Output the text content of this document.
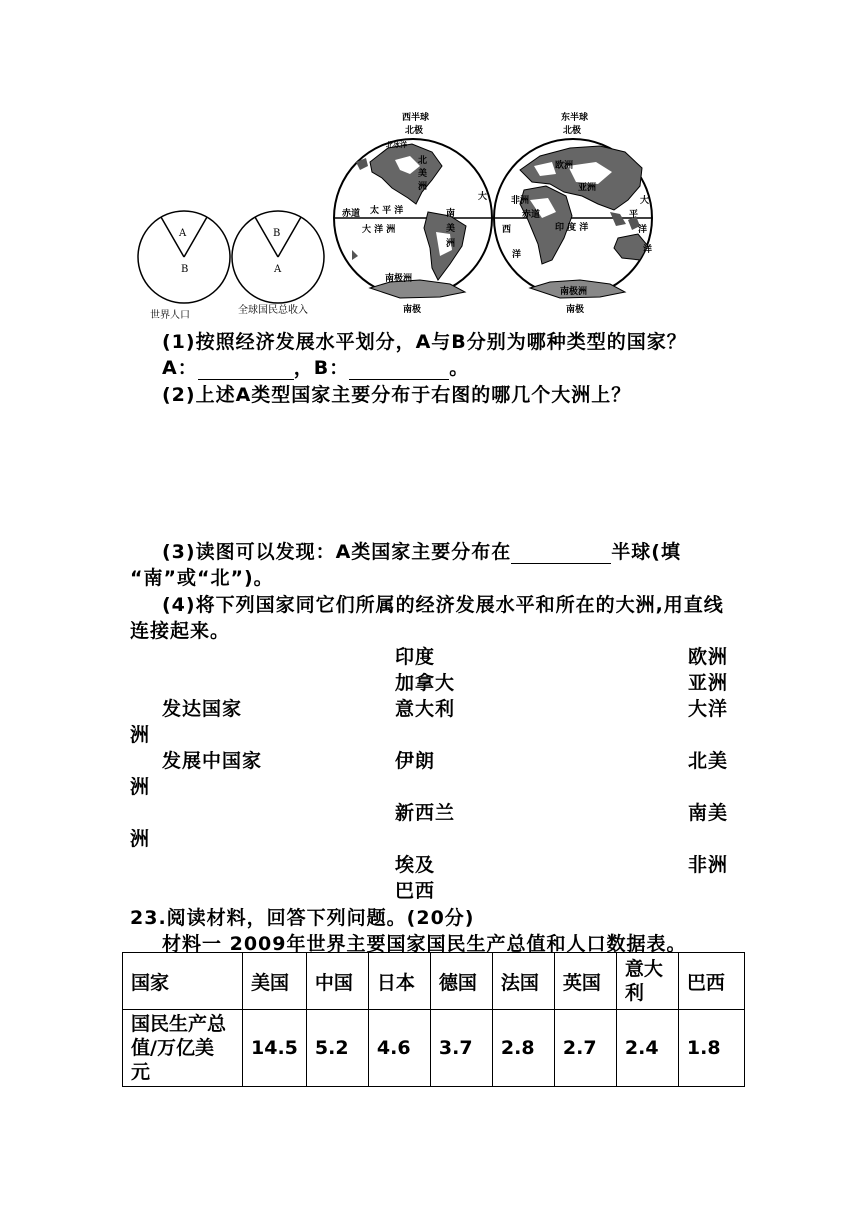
A
B
世界人口
B
A
全球国民总收入
西半球
北极
北冰洋
北
美
洲
赤道 太 平 洋
大 洋 洲
南
美
洲
大
南极洲
南极
东半球
北极
欧洲
亚洲
非洲
赤道
印 度 洋
西
洋
大
平
洋
洋
南极洲
南极
(1)按照经济发展水平划分，A与B分别为哪种类型的国家？
A：	，B：	。
(2)上述A类型国家主要分布于右图的哪几个大洲上？
(3)读图可以发现：A类国家主要分布在	半球(填
“南”或“北”)。
(4)将下列国家同它们所属的经济发展水平和所在的大洲,用直线
连接起来。
印度	欧洲
加拿大	亚洲
发达国家	意大利	大洋
洲
发展中国家	伊朗	北美
洲
新西兰	南美
洲
埃及	非洲
巴西
23.阅读材料，回答下列问题。(20分)
材料一 2009年世界主要国家国民生产总值和人口数据表。
国家	美国	中国	日本	德国	法国	英国	意大
利	巴西
国民生产总
值/万亿美
元	14.5	5.2	4.6	3.7	2.8	2.7	2.4	1.8
